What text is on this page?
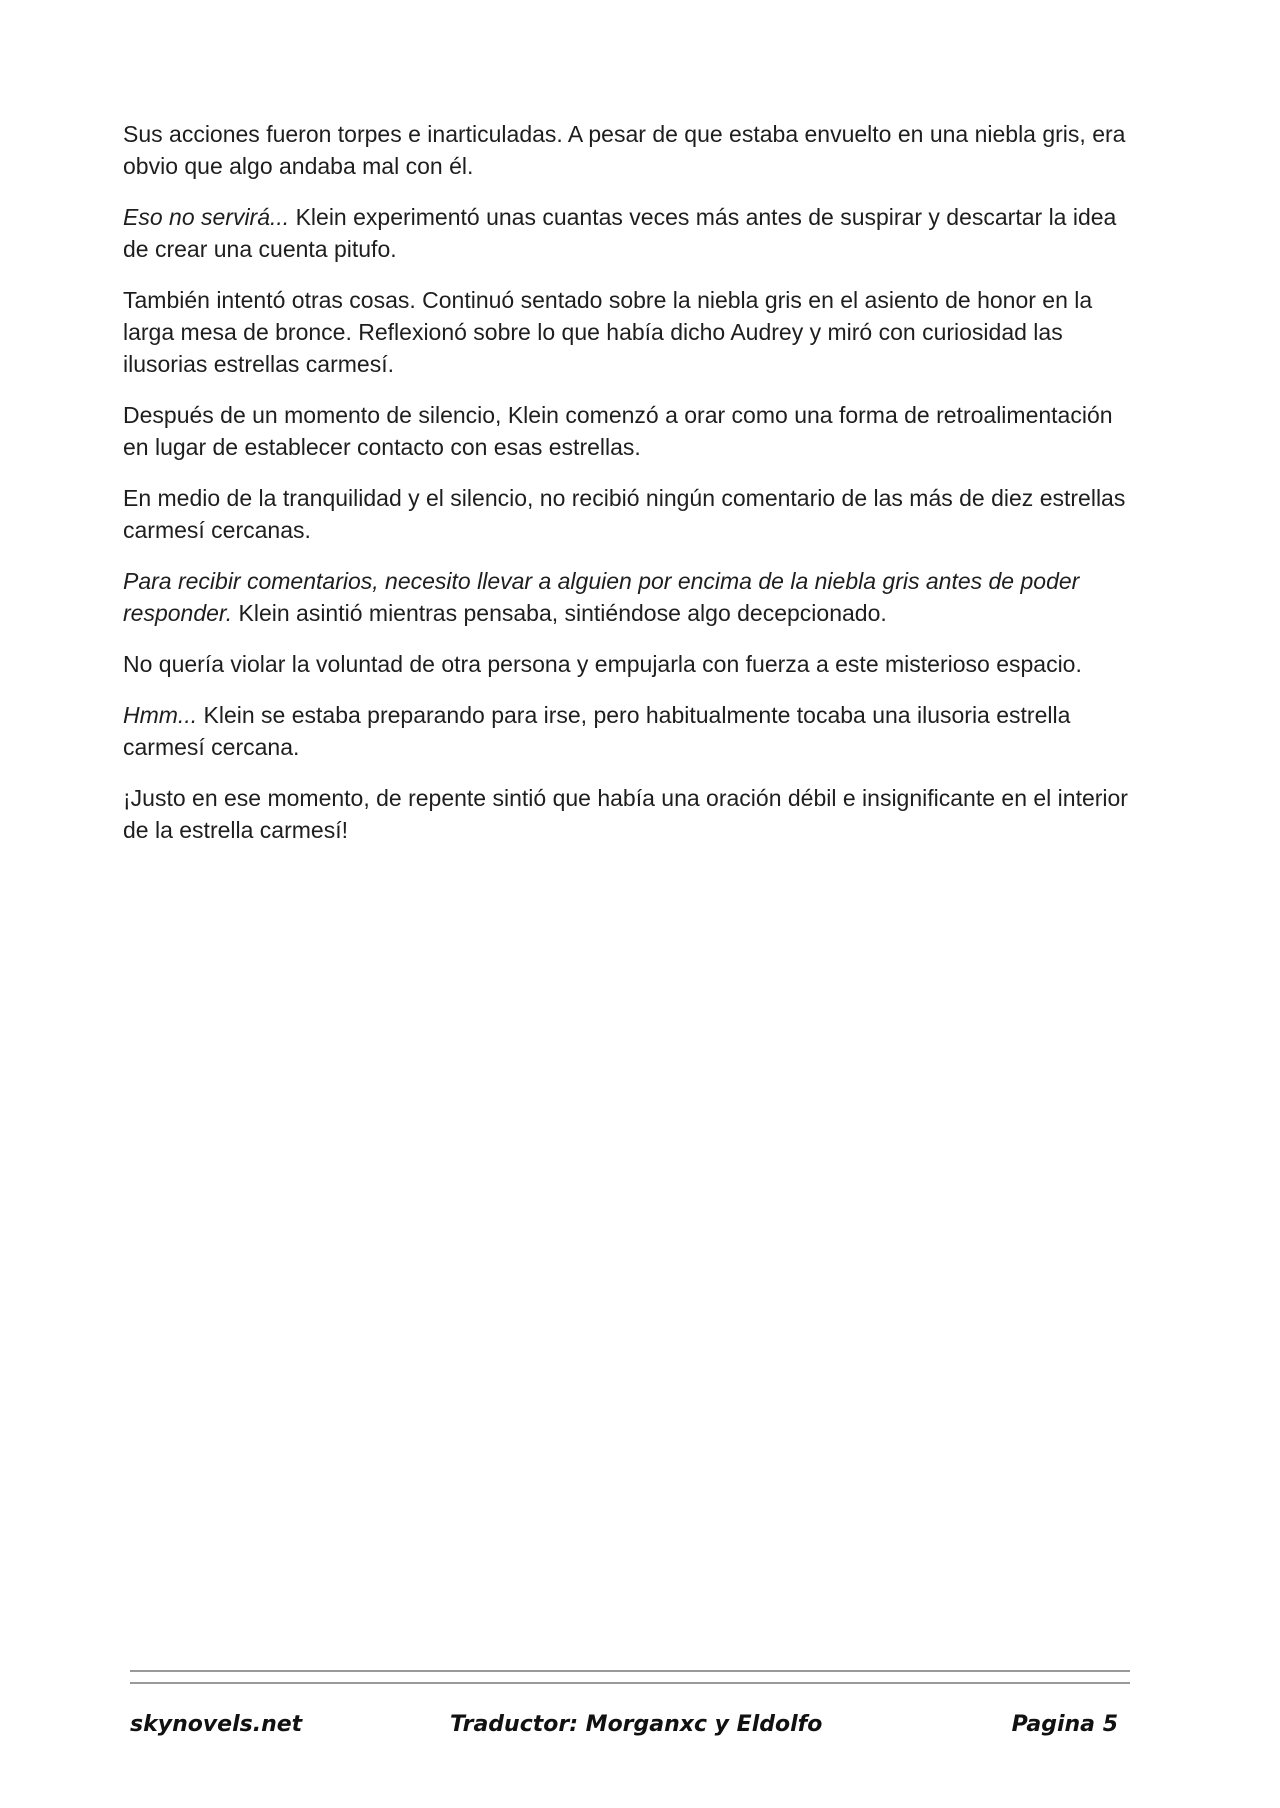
Sus acciones fueron torpes e inarticuladas. A pesar de que estaba envuelto en una niebla gris, era obvio que algo andaba mal con él.

Eso no servirá... Klein experimentó unas cuantas veces más antes de suspirar y descartar la idea de crear una cuenta pitufo.

También intentó otras cosas. Continuó sentado sobre la niebla gris en el asiento de honor en la larga mesa de bronce. Reflexionó sobre lo que había dicho Audrey y miró con curiosidad las ilusorias estrellas carmesí.

Después de un momento de silencio, Klein comenzó a orar como una forma de retroalimentación en lugar de establecer contacto con esas estrellas.

En medio de la tranquilidad y el silencio, no recibió ningún comentario de las más de diez estrellas carmesí cercanas.

Para recibir comentarios, necesito llevar a alguien por encima de la niebla gris antes de poder responder. Klein asintió mientras pensaba, sintiéndose algo decepcionado.

No quería violar la voluntad de otra persona y empujarla con fuerza a este misterioso espacio.

Hmm... Klein se estaba preparando para irse, pero habitualmente tocaba una ilusoria estrella carmesí cercana.

¡Justo en ese momento, de repente sintió que había una oración débil e insignificante en el interior de la estrella carmesí!

skynovels.net	Traductor: Morganxc y Eldolfo	Pagina 5
